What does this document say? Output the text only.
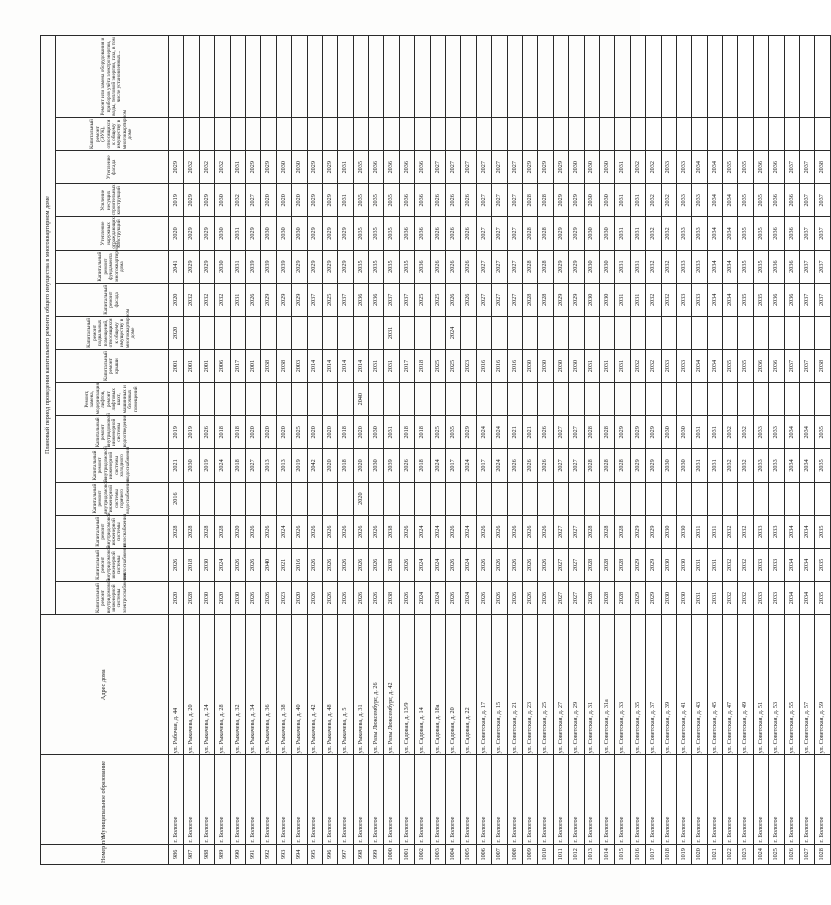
Номер п/п	Муниципальное образование	Адрес дома	Плановый период проведения капитального ремонта общего имущества в многоквартирном доме															
			Капитальный ремонт внутридомовой инженерной системы электроснабжения	Капитальный ремонт внутридомовой инженерной системы теплоснабжения	Капитальный ремонт внутридомовой инженерной системы газоснабжения	Капитальный ремонт внутридомовой инженерной системы горячего водоснабжения	Капитальный ремонт внутридомовой инженерной системы холодного водоснабжения	Капитальный ремонт внутридомовой инженерной системы водоотведения	Ремонт, замена, модернизация лифтов, ремонт лифтовых шахт, машинных и блочных помещений	Капитальный ремонт крыши	Капитальный ремонт подвальных помещений, относящихся к общему имуществу в многоквартирном доме	Капитальный ремонт фасада	Капитальный ремонт фундамента многоквартирного дома	Утепление наружных ограждающих конструкций	Усиление несущих строительных конструкций	Утепление фасада	Капитальный ремонт (ЭУК), относящихся к общему имуществу в многоквартирном доме	Ремонт или замена оборудования и приборов учёта электроэнергии, воды, тепловой энергии, газа, в том числе установленных...
986	г. Бологое	ул. Рабочая, д. 44	2020	2026	2028	2016	2021	2019		2001	2020	2020	2041	2020	2019	2029		
987	г. Бологое	ул. Рыкачева, д. 20	2028	2018	2028		2030	2019		2001		2032	2029	2029	2029	2032		
988	г. Бологое	ул. Рыкачева, д. 24	2030	2030	2028		2019	2026		2001		2032	2029	2029	2029	2032		
989	г. Бологое	ул. Рыкачева, д. 28	2020	2024	2028		2024	2018		2006		2032	2030	2030	2030	2032		
990	г. Бологое	ул. Рыкачева, д. 32	2030	2026	2020		2018	2018		2017		2031	2031	2031	2032	2031		
991	г. Бологое	ул. Рыкачева, д. 34	2026	2026	2026		2027	2020		2001		2026	2039	2029	2027	2029		
992	г. Бологое	ул. Рыкачева, д. 36	2026	2040	2026		2013	2020		2038		2029	2039	2030	2020	2029		
993	г. Бологое	ул. Рыкачева, д. 38	2023	2021	2024		2013	2020		2038		2029	2039	2030	2020	2030		
994	г. Бологое	ул. Рыкачева, д. 40	2020	2016	2026		2019	2025		2003		2029	2029	2030	2020	2030		
995	г. Бологое	ул. Рыкачева, д. 42	2026	2026	2026		2042	2020		2014		2037	2029	2029	2029	2029		
996	г. Бологое	ул. Рыкачева, д. 48	2026	2026	2026		2020	2020		2014		2025	2029	2029	2029	2029		
997	г. Бологое	ул. Рыкачева, д. 5	2026	2026	2026		2018	2018		2014		2037	2029	2029	2031	2031		
998	г. Бологое	ул. Рыкачева, д. 31	2026	2026	2026	2020	2020	2020	2040	2014		2036	2035	2035	2035	2035		
999	г. Бологое	ул. Разы Люксембург, д. 26	2026	2026	2026		2030	2030		2031		2036	2035	2035	2035	2036		
1000	г. Бологое	ул. Разы Люксембург, д. 42	2038	2038	2038		2039	2031		2031	2031	2037	2035	2035	2035	2036		
1001	г. Бологое	ул. Садовая, д. 13/9	2026	2026	2026		2026	2018		2017		2037	2035	2036	2036	2036		
1002	г. Бологое	ул. Садовая, д. 14	2024	2024	2024		2018	2018		2018		2025	2036	2036	2036	2036		
1003	г. Бологое	ул. Садовая, д. 18а	2024	2024	2024		2024	2025		2025		2025	2026	2026	2026	2027		
1004	г. Бологое	ул. Садовая, д. 20	2026	2026	2026		2017	2035		2025	2024	2026	2026	2026	2026	2027		
1005	г. Бологое	ул. Садовая, д. 22	2024	2024	2024		2024	2029		2023		2026	2026	2026	2026	2027		
1006	г. Бологое	ул. Советская, д. 17	2026	2026	2026		2017	2024		2016		2027	2027	2027	2027	2027		
1007	г. Бологое	ул. Советская, д. 15	2026	2026	2026		2024	2024		2016		2027	2027	2027	2027	2027		
1008	г. Бологое	ул. Советская, д. 21	2026	2026	2026		2026	2021		2016		2027	2027	2027	2027	2027		
1009	г. Бологое	ул. Советская, д. 23	2026	2026	2026		2026	2021		2030		2028	2028	2028	2028	2029		
1010	г. Бологое	ул. Советская, д. 25	2026	2026	2026		2026	2026		2030		2028	2028	2028	2028	2029		
1011	г. Бологое	ул. Советская, д. 27	2027	2027	2027		2027	2027		2030		2029	2029	2029	2029	2029		
1012	г. Бологое	ул. Советская, д. 29	2027	2027	2027		2027	2027		2030		2029	2029	2029	2029	2030		
1013	г. Бологое	ул. Советская, д. 31	2028	2028	2028		2028	2028		2031		2030	2030	2030	2030	2030		
1014	г. Бологое	ул. Советская, д. 31а	2028	2028	2028		2028	2028		2031		2030	2030	2030	2030	2030		
1015	г. Бологое	ул. Советская, д. 33	2028	2028	2028		2028	2029		2031		2031	2031	2031	2031	2031		
1016	г. Бологое	ул. Советская, д. 35	2029	2029	2029		2029	2029		2032		2031	2031	2031	2031	2032		
1017	г. Бологое	ул. Советская, д. 37	2029	2029	2029		2029	2029		2032		2032	2032	2032	2032	2032		
1018	г. Бологое	ул. Советская, д. 39	2030	2030	2030		2030	2030		2033		2032	2032	2032	2032	2033		
1019	г. Бологое	ул. Советская, д. 41	2030	2030	2030		2030	2030		2033		2033	2033	2033	2033	2033		
1020	г. Бологое	ул. Советская, д. 43	2031	2031	2031		2031	2031		2034		2033	2033	2033	2033	2034		
1021	г. Бологое	ул. Советская, д. 45	2031	2031	2031		2031	2031		2034		2034	2034	2034	2034	2034		
1022	г. Бологое	ул. Советская, д. 47	2032	2032	2032		2032	2032		2035		2034	2034	2034	2034	2035		
1023	г. Бологое	ул. Советская, д. 49	2032	2032	2032		2032	2032		2035		2035	2035	2035	2035	2035		
1024	г. Бологое	ул. Советская, д. 51	2033	2033	2033		2033	2033		2036		2035	2035	2035	2035	2036		
1025	г. Бологое	ул. Советская, д. 53	2033	2033	2033		2033	2033		2036		2036	2036	2036	2036	2036		
1026	г. Бологое	ул. Советская, д. 55	2034	2034	2034		2034	2034		2037		2036	2036	2036	2036	2037		
1027	г. Бологое	ул. Советская, д. 57	2034	2034	2034		2034	2034		2037		2037	2037	2037	2037	2037		
1028	г. Бологое	ул. Советская, д. 59	2035	2035	2035		2035	2035		2038		2037	2037	2037	2037	2038		
